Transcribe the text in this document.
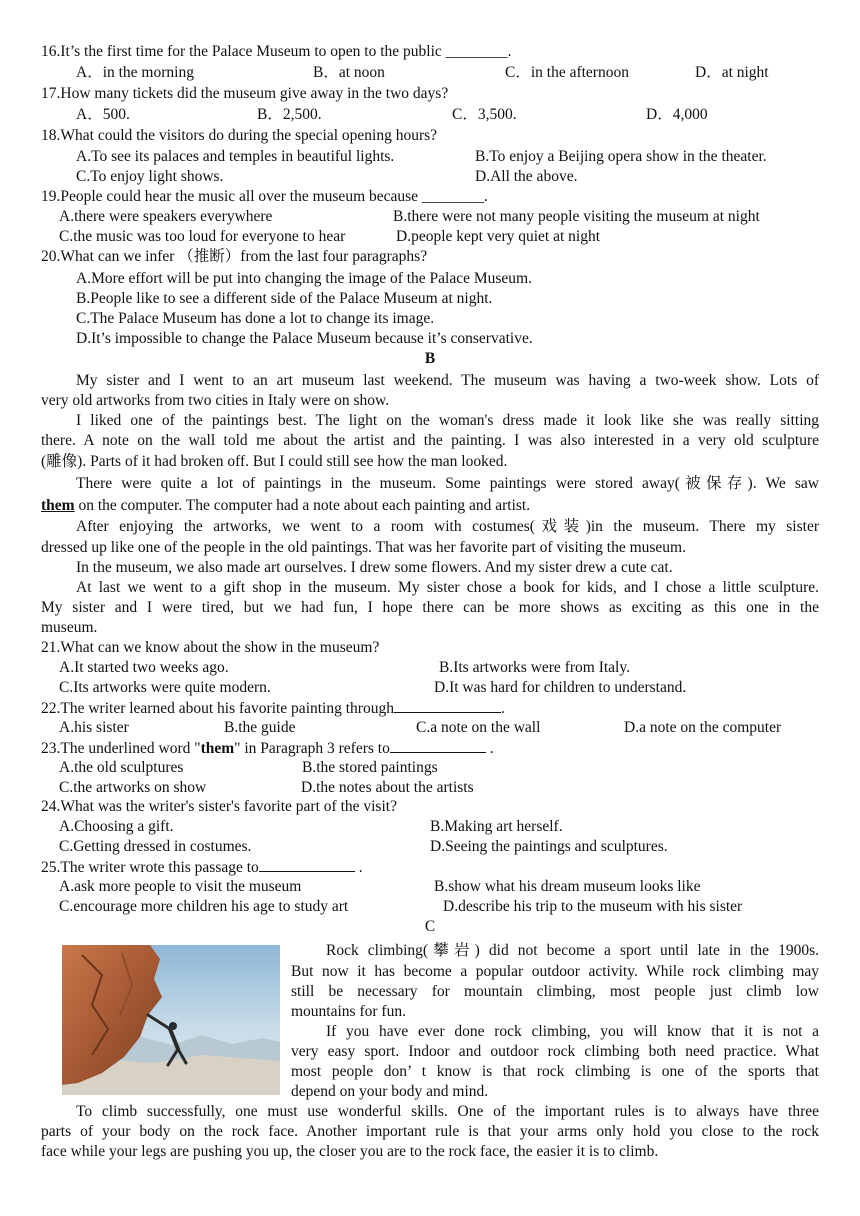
16.It’s the first time for the Palace Museum to open to the public ________.
A．in the morning	B．at noon	C．in the afternoon	D．at night
17.How many tickets did the museum give away in the two days?
A．500.	B．2,500.	C．3,500.	D．4,000
18.What could the visitors do during the special opening hours?
A.To see its palaces and temples in beautiful lights.	B.To enjoy a Beijing opera show in the theater.
C.To enjoy light shows.	D.All the above.
19.People could hear the music all over the museum because ________.
A.there were speakers everywhere	B.there were not many people visiting the museum at night
C.the music was too loud for everyone to hear	D.people kept very quiet at night
20.What can we infer （推断）from the last four paragraphs?
A.More effort will be put into changing the image of the Palace Museum.
B.People like to see a different side of the Palace Museum at night.
C.The Palace Museum has done a lot to change its image.
D.It’s impossible to change the Palace Museum because it’s conservative.
B
My sister and I went to an art museum last weekend. The museum was having a two-week show. Lots of
very old artworks from two cities in Italy were on show.
I liked one of the paintings best. The light on the woman's dress made it look like she was really sitting
there. A note on the wall told me about the artist and the painting. I was also interested in a very old sculpture
(雕像). Parts of it had broken off. But I could still see how the man looked.
There were quite a lot of paintings in the museum. Some paintings were stored away(被保存). We saw
them on the computer. The computer had a note about each painting and artist.
After enjoying the artworks, we went to a room with costumes(戏装)in the museum. There my sister
dressed up like one of the people in the old paintings. That was her favorite part of visiting the museum.
In the museum, we also made art ourselves. I drew some flowers. And my sister drew a cute cat.
At last we went to a gift shop in the museum. My sister chose a book for kids, and I chose a little sculpture.
My sister and I were tired, but we had fun, I hope there can be more shows as exciting as this one in the
museum.
21.What can we know about the show in the museum?
A.It started two weeks ago.	B.Its artworks were from Italy.
C.Its artworks were quite modern.	D.It was hard for children to understand.
22.The writer learned about his favorite painting through	.
A.his sister	B.the guide	C.a note on the wall	D.a note on the computer
23.The underlined word "them" in Paragraph 3 refers to	.
A.the old sculptures	B.the stored paintings
C.the artworks on show	D.the notes about the artists
24.What was the writer's sister's favorite part of the visit?
A.Choosing a gift.	B.Making art herself.
C.Getting dressed in costumes.	D.Seeing the paintings and sculptures.
25.The writer wrote this passage to	.
A.ask more people to visit the museum	B.show what his dream museum looks like
C.encourage more children his age to study art	D.describe his trip to the museum with his sister
C
Rock climbing(攀岩) did not become a sport until late in the 1900s.
But now it has become a popular outdoor activity. While rock climbing may
still be necessary for mountain climbing, most people just climb low
mountains for fun.
If you have ever done rock climbing, you will know that it is not a
very easy sport. Indoor and outdoor rock climbing both need practice. What
most people don’ t know is that rock climbing is one of the sports that
depend on your body and mind.
To climb successfully, one must use wonderful skills. One of the important rules is to always have three
parts of your body on the rock face. Another important rule is that your arms only hold you close to the rock
face while your legs are pushing you up, the closer you are to the rock face, the easier it is to climb.
